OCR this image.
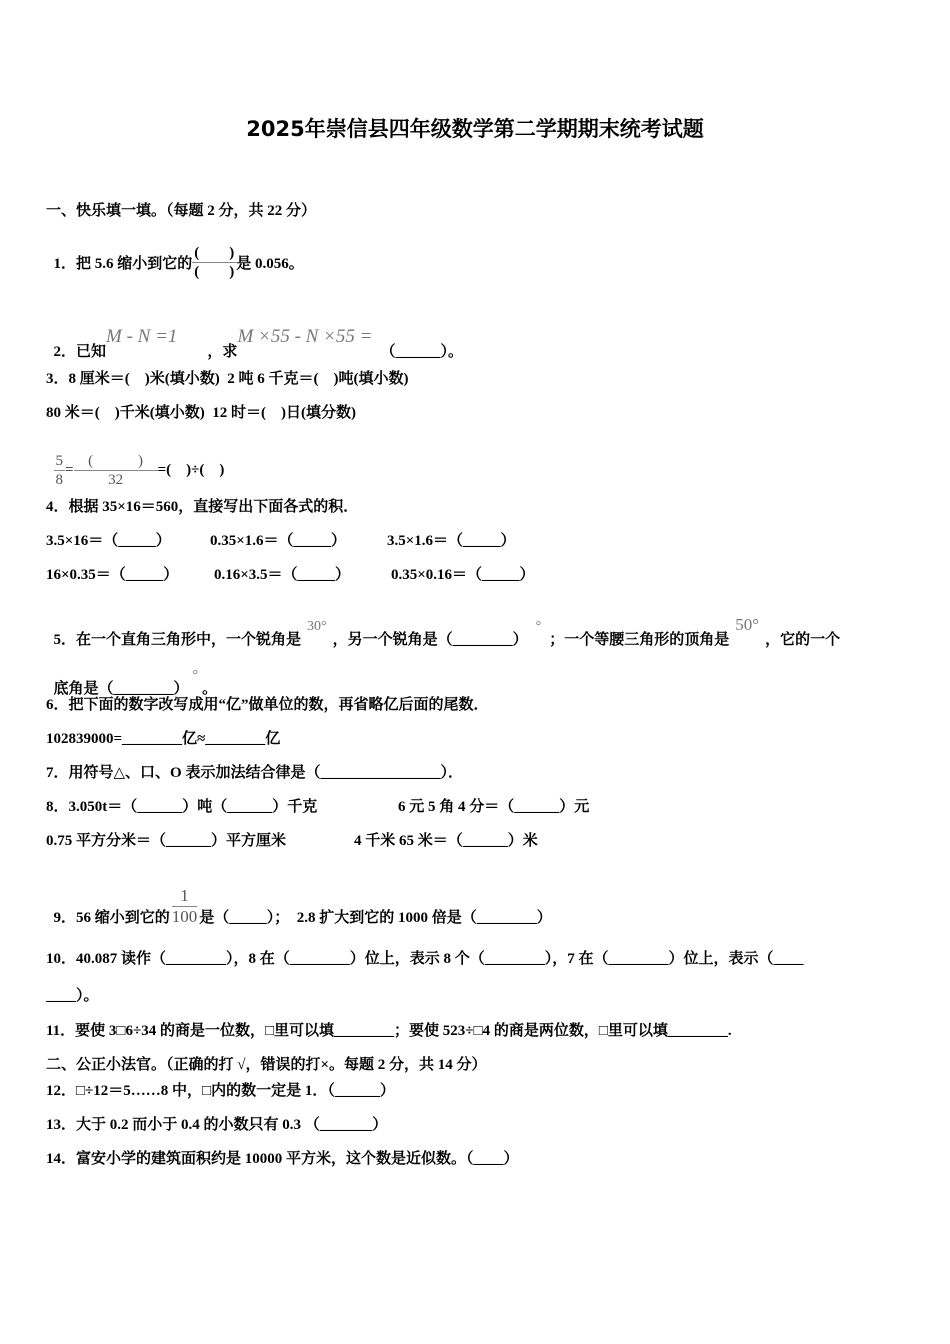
2025年崇信县四年级数学第二学期期末统考试题
一、快乐填一填。（每题 2 分，共 22 分）

1．把 5.6 缩小到它的 $\frac{( )}{( )}$ 是 0.056。

2．已知M - N =1，求M ×55 - N ×55 =（______）。

3．8 厘米＝(　)米(填小数)  2 吨 6 千克＝(　)吨(填小数)
80 米＝(　)千米(填小数)  12 时＝(　)日(填分数)

$\frac{5}{8} = \frac{( )}{32}$ =(　)÷(　)

4．根据 35×16＝560，直接写出下面各式的积．
3.5×16＝（_____）	0.35×1.6＝（_____）	3.5×1.6＝（_____）
16×0.35＝（_____） 0.16×3.5＝（_____）	0.35×0.16＝（_____）

5．在一个直角三角形中，一个锐角是30°，另一个锐角是（________）°；一个等腰三角形的顶角是50°，它的一个

底角是（________）°。

6．把下面的数字改写成用“亿”做单位的数，再省略亿后面的尾数．
102839000=________亿≈________亿
7．用符号△、口、O 表示加法结合律是（________________）．
8．3.050t＝（______）吨（______）千克	6 元 5 角 4 分＝（______）元
0.75 平方分米＝（______）平方厘米	4 千米 65 米＝（______）米

9．56 缩小到它的 $\frac{1}{100}$ 是（_____）；  2.8 扩大到它的 1000 倍是（________）

10．40.087 读作（________），8 在（________）位上，表示 8 个（________），7 在（________）位上，表示（____
____）。
11．要使 3□6÷34 的商是一位数，□里可以填________；要使 523÷□4 的商是两位数，□里可以填________.
二、公正小法官。（正确的打 √，错误的打×。每题 2 分，共 14 分）
12．□÷12＝5……8 中，□内的数一定是 1．（______）
13．大于 0.2 而小于 0.4 的小数只有 0.3 （_______）
14．富安小学的建筑面积约是 10000 平方米，这个数是近似数。（____）
